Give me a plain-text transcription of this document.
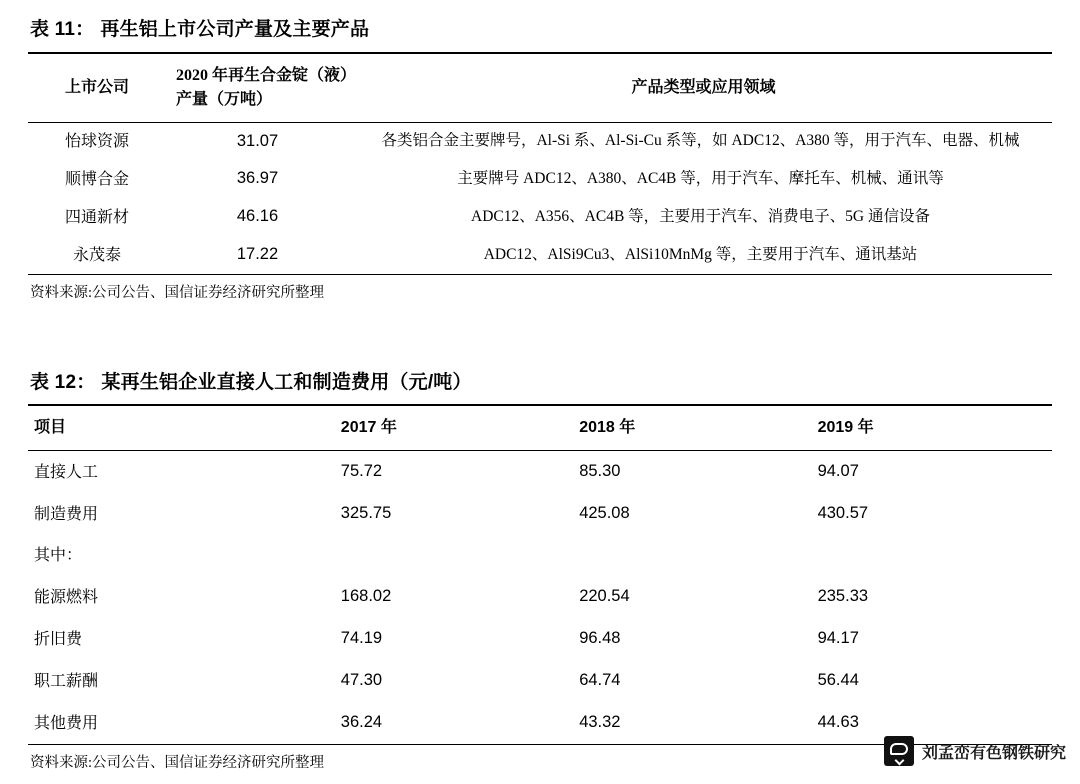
表 11： 再生铝上市公司产量及主要产品
上市公司	2020 年再生合金锭（液）产量（万吨）	产品类型或应用领域
怡球资源	31.07	各类铝合金主要牌号，Al-Si 系、Al-Si-Cu 系等，如 ADC12、A380 等，用于汽车、电器、机械
顺博合金	36.97	主要牌号 ADC12、A380、AC4B 等，用于汽车、摩托车、机械、通讯等
四通新材	46.16	ADC12、A356、AC4B 等，主要用于汽车、消费电子、5G 通信设备
永茂泰	17.22	ADC12、AlSi9Cu3、AlSi10MnMg 等，主要用于汽车、通讯基站
资料来源:公司公告、国信证券经济研究所整理
表 12： 某再生铝企业直接人工和制造费用（元/吨）
项目	2017 年	2018 年	2019 年
直接人工	75.72	85.30	94.07
制造费用	325.75	425.08	430.57
其中：			
能源燃料	168.02	220.54	235.33
折旧费	74.19	96.48	94.17
职工薪酬	47.30	64.74	56.44
其他费用	36.24	43.32	44.63
资料来源:公司公告、国信证券经济研究所整理
刘孟峦有色钢铁研究
